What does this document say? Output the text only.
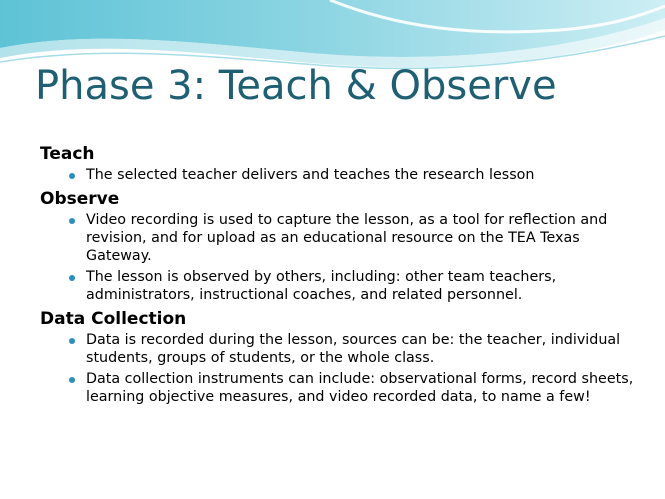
Phase 3: Teach & Observe
Teach
The selected teacher delivers and teaches the research lesson
Observe
Video recording is used to capture the lesson, as a tool for reflection and revision, and for upload as an educational resource on the TEA Texas Gateway.
The lesson is observed by others, including: other team teachers, administrators, instructional coaches, and related personnel.
Data Collection
Data is recorded during the lesson, sources can be: the teacher, individual students, groups of students, or the whole class.
Data collection instruments can include: observational forms, record sheets, learning objective measures, and video recorded data, to name a few!
